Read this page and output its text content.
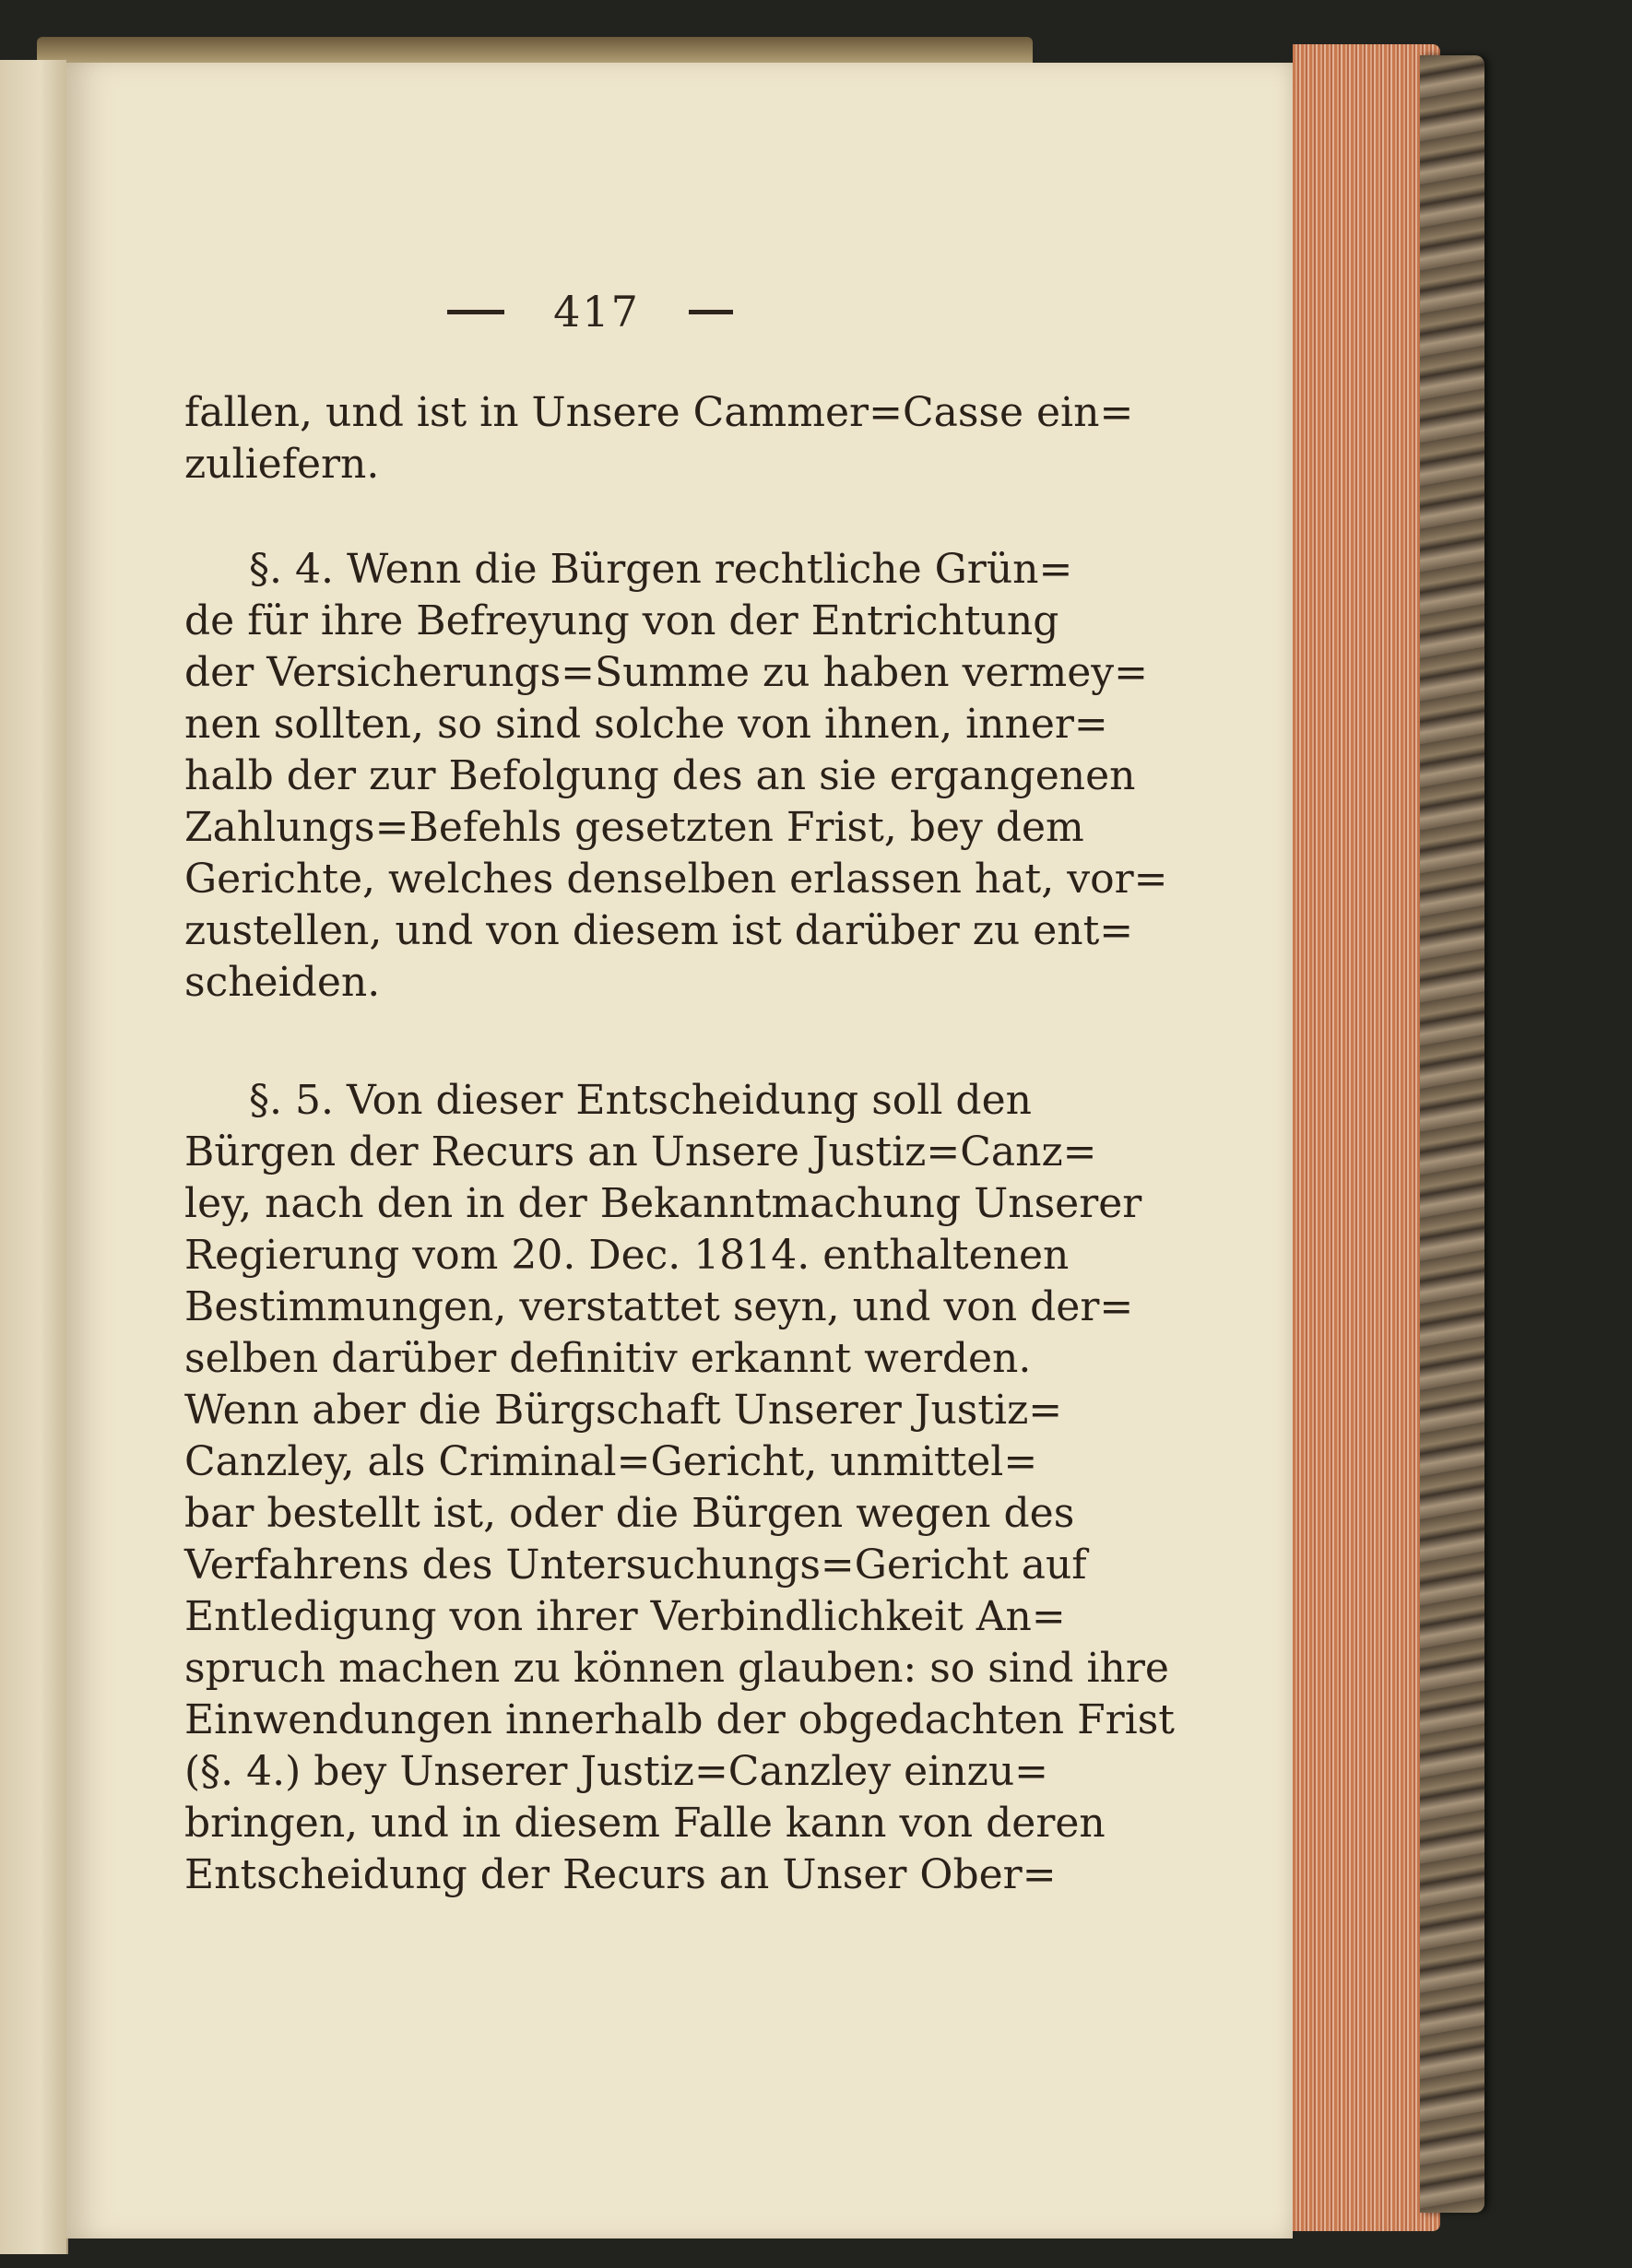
417
fallen, und ist in Unsere Cammer=Casse ein=
zuliefern.
§. 4. Wenn die Bürgen rechtliche Grün=
de für ihre Befreyung von der Entrichtung
der Versicherungs=Summe zu haben vermey=
nen sollten, so sind solche von ihnen, inner=
halb der zur Befolgung des an sie ergangenen
Zahlungs=Befehls gesetzten Frist, bey dem
Gerichte, welches denselben erlassen hat, vor=
zustellen, und von diesem ist darüber zu ent=
scheiden.
§. 5. Von dieser Entscheidung soll den
Bürgen der Recurs an Unsere Justiz=Canz=
ley, nach den in der Bekanntmachung Unserer
Regierung vom 20. Dec. 1814. enthaltenen
Bestimmungen, verstattet seyn, und von der=
selben darüber definitiv erkannt werden.
Wenn aber die Bürgschaft Unserer Justiz=
Canzley, als Criminal=Gericht, unmittel=
bar bestellt ist, oder die Bürgen wegen des
Verfahrens des Untersuchungs=Gericht auf
Entledigung von ihrer Verbindlichkeit An=
spruch machen zu können glauben: so sind ihre
Einwendungen innerhalb der obgedachten Frist
(§. 4.) bey Unserer Justiz=Canzley einzu=
bringen, und in diesem Falle kann von deren
Entscheidung der Recurs an Unser Ober=
